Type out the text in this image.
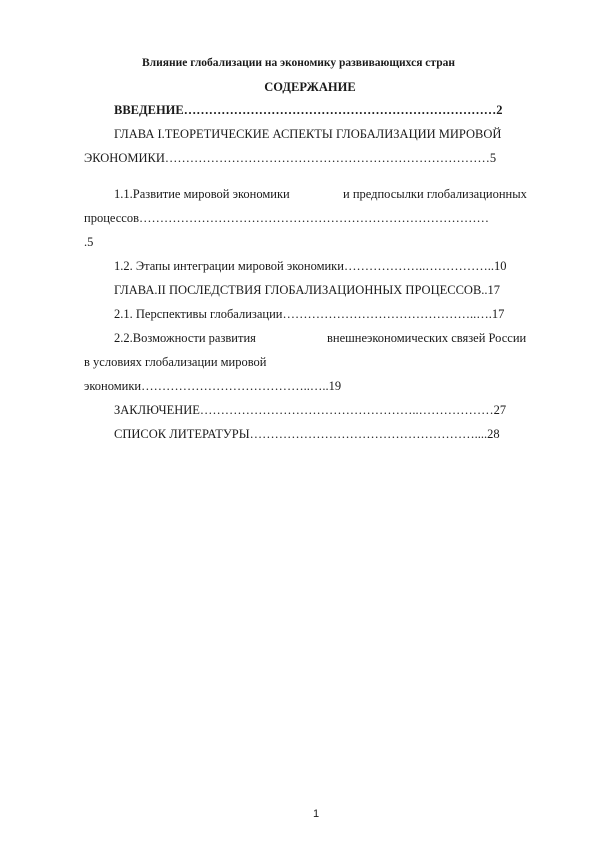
Влияние глобализации на экономику развивающихся стран
СОДЕРЖАНИЕ
ВВЕДЕНИЕ…………………………………………………………………2
ГЛАВА I.ТЕОРЕТИЧЕСКИЕ АСПЕКТЫ ГЛОБАЛИЗАЦИИ МИРОВОЙ
ЭКОНОМИКИ……………………………………………………………………5
1.1.Развитие мировой экономики	и предпосылки глобализационных
процессов…………………………………………………………………………
.5
1.2. Этапы интеграции мировой экономики………………..……………..10
ГЛАВА.II ПОСЛЕДСТВИЯ ГЛОБАЛИЗАЦИОННЫХ ПРОЦЕССОВ..17
2.1. Перспективы глобализации………………………………………..….17
2.2.Возможности развития	внешнеэкономических связей России
в условиях глобализации мировой
экономики…………………………………..…..19
ЗАКЛЮЧЕНИЕ……………………………………………..………………27
СПИСОК ЛИТЕРАТУРЫ………………………………………………....28
1
